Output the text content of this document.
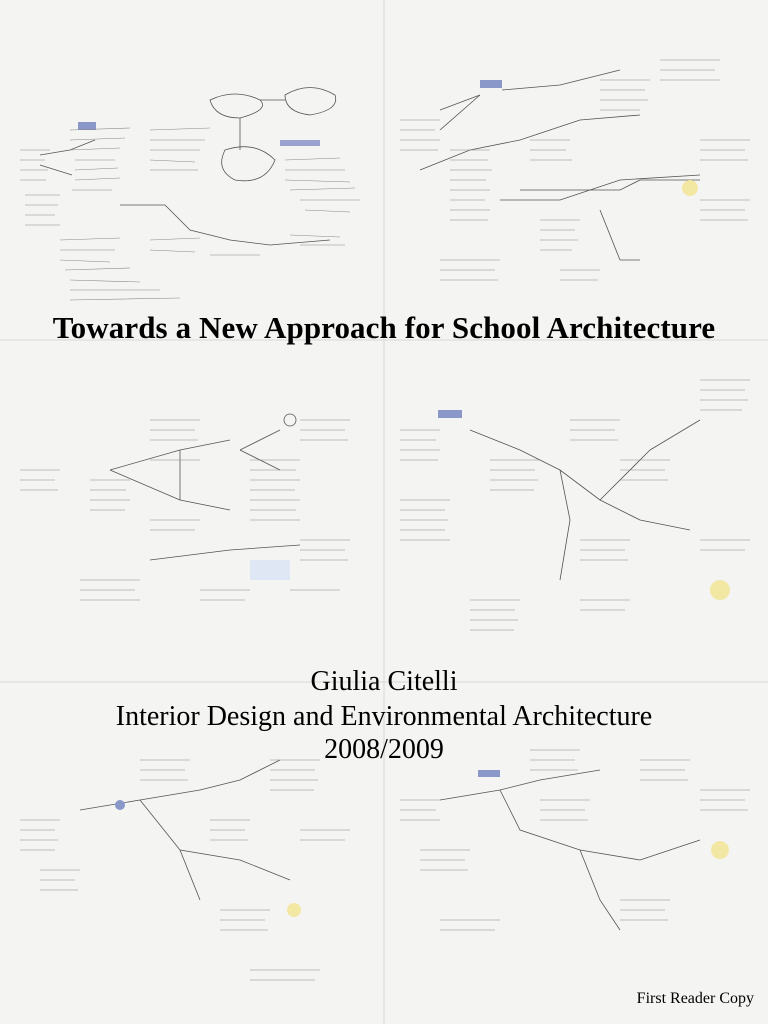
Towards a New Approach for School Architecture
Giulia Citelli
Interior Design and Environmental Architecture
2008/2009
First Reader Copy
